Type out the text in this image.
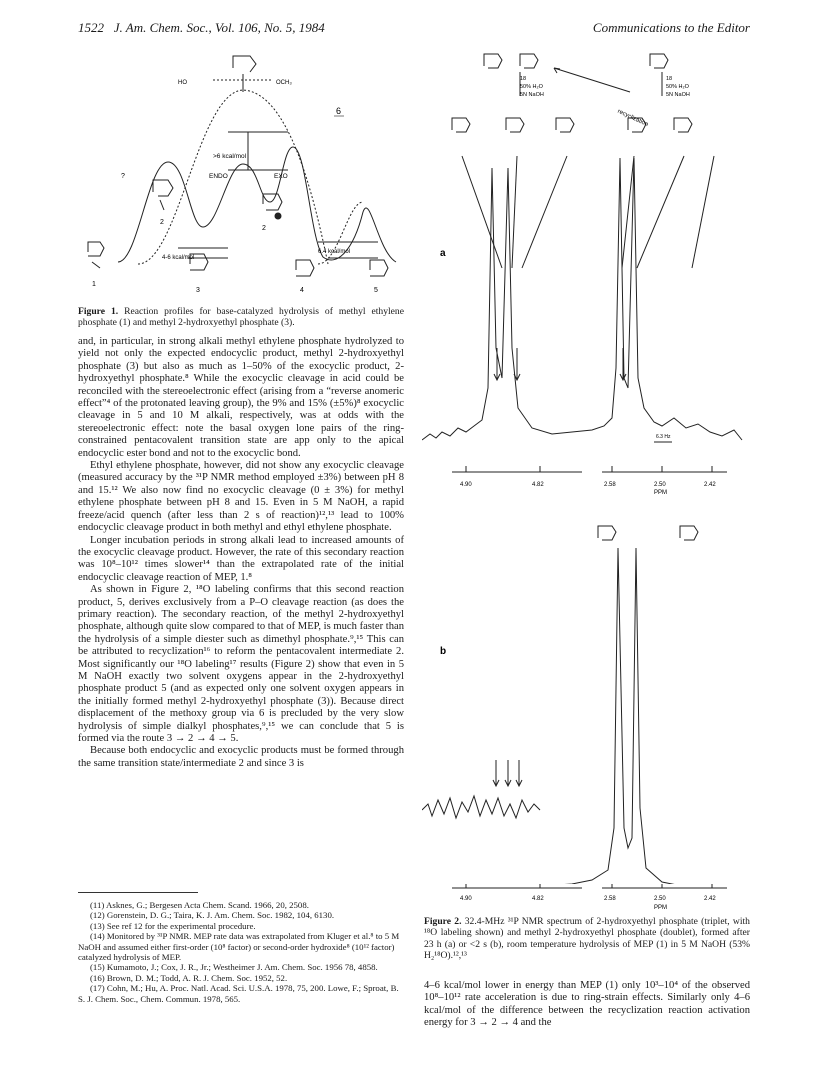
1522 J. Am. Chem. Soc., Vol. 106, No. 5, 1984	Communications to the Editor
HO	OCH₃
6
>6 kcal/mol
4-6 kcal/mol
6.4 kcal/mol
ENDO	EXO
?
1
2
3
2
4	5
Figure 1. Reaction profiles for base-catalyzed hydrolysis of methyl ethylene phosphate (1) and methyl 2-hydroxyethyl phosphate (3).

and, in particular, in strong alkali methyl ethylene phosphate hydrolyzed to yield not only the expected endocyclic product, methyl 2-hydroxyethyl phosphate (3) but also as much as 1–50% of the exocyclic product, 2-hydroxyethyl phosphate.⁸ While the exocyclic cleavage in acid could be reconciled with the stereoelectronic effect (arising from a “reverse anomeric effect”⁴ of the protonated leaving group), the 9% and 15% (±5%)⁸ exocyclic cleavage in 5 and 10 M alkali, respectively, was at odds with the stereoelectronic effect: note the basal oxygen lone pairs of the ring-constrained pentacovalent transition state are app only to the apical endocyclic ester bond and not to the exocyclic bond.

Ethyl ethylene phosphate, however, did not show any exocyclic cleavage (measured accuracy by the ³¹P NMR method employed ±3%) between pH 8 and 15.¹² We also now find no exocyclic cleavage (0 ± 3%) for methyl ethylene phosphate between pH 8 and 15. Even in 5 M NaOH, a rapid freeze/acid quench (after less than 2 s of reaction)¹²,¹³ lead to 100% endocyclic cleavage product in both methyl and ethyl ethylene phosphate.

Longer incubation periods in strong alkali lead to increased amounts of the exocyclic cleavage product. However, the rate of this secondary reaction was 10⁸–10¹² times slower¹⁴ than the extrapolated rate of the initial endocyclic cleavage reaction of MEP, 1.⁸

As shown in Figure 2, ¹⁸O labeling confirms that this second reaction product, 5, derives exclusively from a P–O cleavage reaction (as does the primary reaction). The secondary reaction, of the methyl 2-hydroxyethyl phosphate, although quite slow compared to that of MEP, is much faster than the hydrolysis of a simple diester such as dimethyl phosphate.⁹,¹⁵ This can be attributed to recyclization¹⁶ to reform the pentacovalent intermediate 2. Most significantly our ¹⁸O labeling¹⁷ results (Figure 2) show that even in 5 M NaOH exactly two solvent oxygens appear in the 2-hydroxyethyl phosphate product 5 (and as expected only one solvent oxygen appears in the initially formed methyl 2-hydroxyethyl phosphate (3)). Because direct displacement of the methoxy group via 6 is precluded by the very slow hydrolysis of simple dialkyl phosphates,⁹,¹⁵ we can conclude that 5 is formed via the route 3 → 2 → 4 → 5.

Because both endocyclic and exocyclic products must be formed through the same transition state/intermediate 2 and since 3 is

(11) Asknes, G.; Bergesen Acta Chem. Scand. 1966, 20, 2508.
(12) Gorenstein, D. G.; Taira, K. J. Am. Chem. Soc. 1982, 104, 6130.
(13) See ref 12 for the experimental procedure.
(14) Monitored by ³¹P NMR. MEP rate data was extrapolated from Kluger et al.⁸ to 5 M NaOH and assumed either first-order (10⁸ factor) or second-order hydroxide⁸ (10¹² factor) catalyzed hydrolysis of MEP.
(15) Kumamoto, J.; Cox, J. R., Jr.; Westheimer J. Am. Chem. Soc. 1956 78, 4858.
(16) Brown, D. M.; Todd, A. R. J. Chem. Soc. 1952, 52.
(17) Cohn, M.; Hu, A. Proc. Natl. Acad. Sci. U.S.A. 1978, 75, 200. Lowe, F.; Sproat, B. S. J. Chem. Soc., Chem. Commun. 1978, 565.
recyclization
18
50% H₂O
5N NaOH
18
50% H₂O
5N NaOH
a
4.90	4.82	2.58	2.50	2.42
PPM
6.3 Hz
b
4.90	4.82	2.58	2.50	2.42
PPM
Figure 2. 32.4-MHz ³¹P NMR spectrum of 2-hydroxyethyl phosphate (triplet, with ¹⁸O labeling shown) and methyl 2-hydroxyethyl phosphate (doublet), formed after 23 h (a) or <2 s (b), room temperature hydrolysis of MEP (1) in 5 M NaOH (53% H₂¹⁸O).¹²,¹³

4–6 kcal/mol lower in energy than MEP (1) only 10³–10⁴ of the observed 10⁸–10¹² rate acceleration is due to ring-strain effects. Similarly only 4–6 kcal/mol of the difference between the recyclization reaction activation energy for 3 → 2 → 4 and the
